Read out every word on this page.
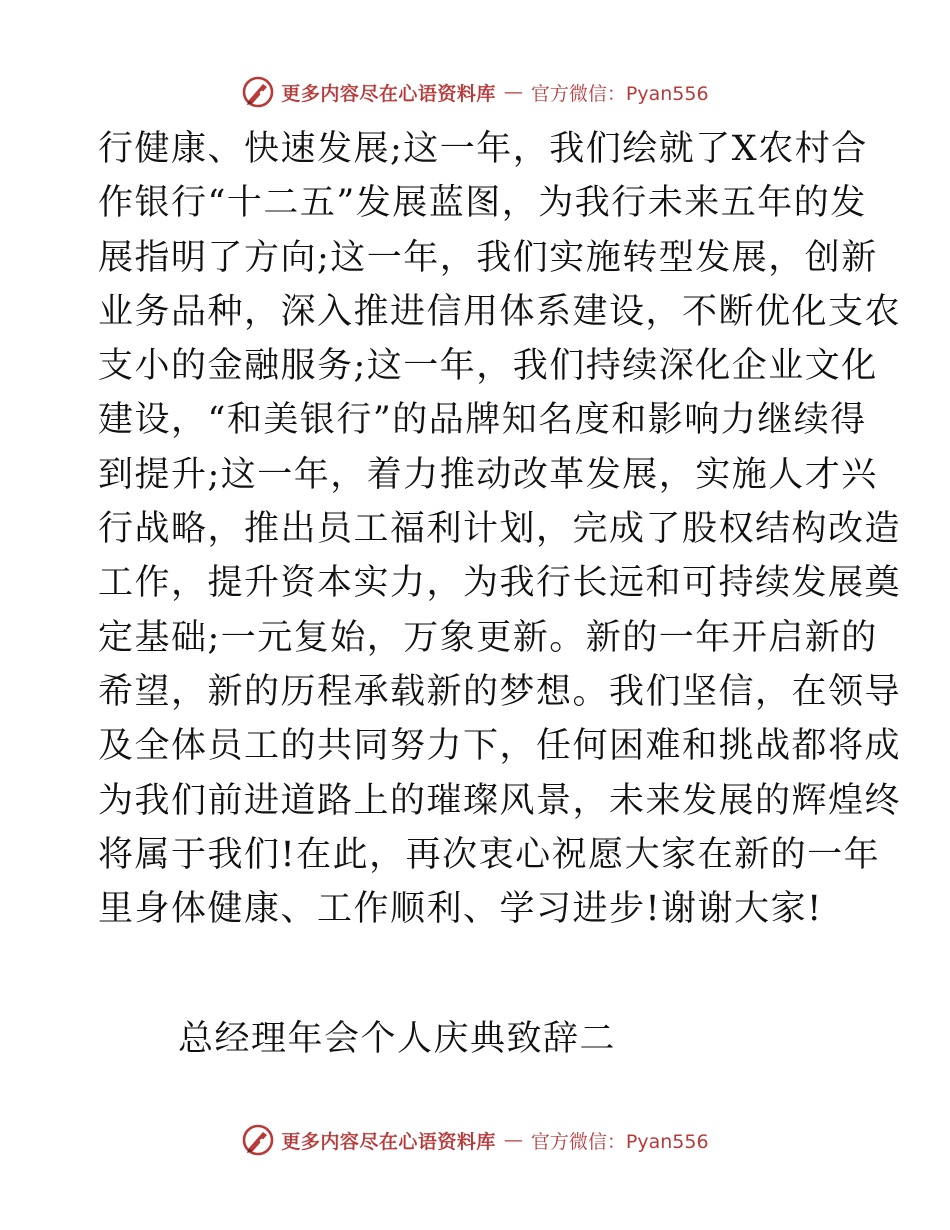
更多内容尽在心语资料库 — 官方微信：Pyan556
行健康、快速发展;这一年，我们绘就了X农村合
作银行“十二五”发展蓝图，为我行未来五年的发
展指明了方向;这一年，我们实施转型发展，创新
业务品种，深入推进信用体系建设，不断优化支农
支小的金融服务;这一年，我们持续深化企业文化
建设，“和美银行”的品牌知名度和影响力继续得
到提升;这一年，着力推动改革发展，实施人才兴
行战略，推出员工福利计划，完成了股权结构改造
工作，提升资本实力，为我行长远和可持续发展奠
定基础;一元复始，万象更新。新的一年开启新的
希望，新的历程承载新的梦想。我们坚信，在领导
及全体员工的共同努力下，任何困难和挑战都将成
为我们前进道路上的璀璨风景，未来发展的辉煌终
将属于我们!在此，再次衷心祝愿大家在新的一年
里身体健康、工作顺利、学习进步!谢谢大家!
总经理年会个人庆典致辞二
更多内容尽在心语资料库 — 官方微信：Pyan556
